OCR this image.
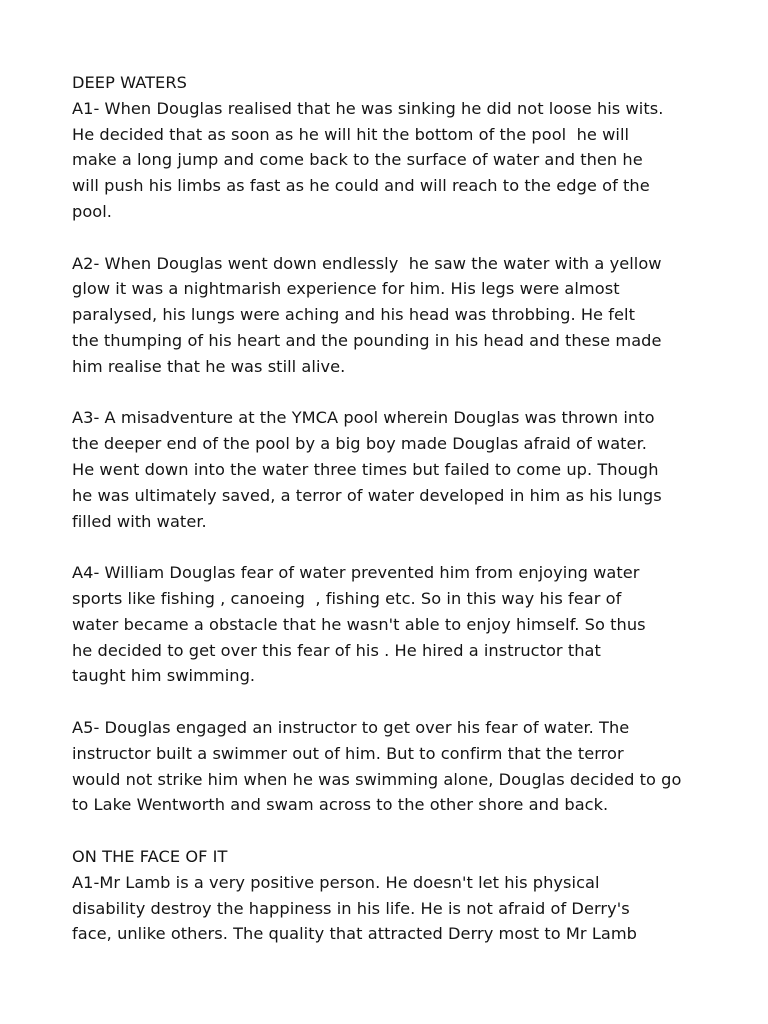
DEEP WATERS
A1- When Douglas realised that he was sinking he did not loose his wits.
He decided that as soon as he will hit the bottom of the pool  he will
make a long jump and come back to the surface of water and then he
will push his limbs as fast as he could and will reach to the edge of the
pool.
A2- When Douglas went down endlessly  he saw the water with a yellow
glow it was a nightmarish experience for him. His legs were almost
paralysed, his lungs were aching and his head was throbbing. He felt
the thumping of his heart and the pounding in his head and these made
him realise that he was still alive.
A3- A misadventure at the YMCA pool wherein Douglas was thrown into
the deeper end of the pool by a big boy made Douglas afraid of water.
He went down into the water three times but failed to come up. Though
he was ultimately saved, a terror of water developed in him as his lungs
filled with water.
A4- William Douglas fear of water prevented him from enjoying water
sports like fishing , canoeing  , fishing etc. So in this way his fear of
water became a obstacle that he wasn't able to enjoy himself. So thus
he decided to get over this fear of his . He hired a instructor that
taught him swimming.
A5- Douglas engaged an instructor to get over his fear of water. The
instructor built a swimmer out of him. But to confirm that the terror
would not strike him when he was swimming alone, Douglas decided to go
to Lake Wentworth and swam across to the other shore and back.
ON THE FACE OF IT
A1-Mr Lamb is a very positive person. He doesn't let his physical
disability destroy the happiness in his life. He is not afraid of Derry's
face, unlike others. The quality that attracted Derry most to Mr Lamb
